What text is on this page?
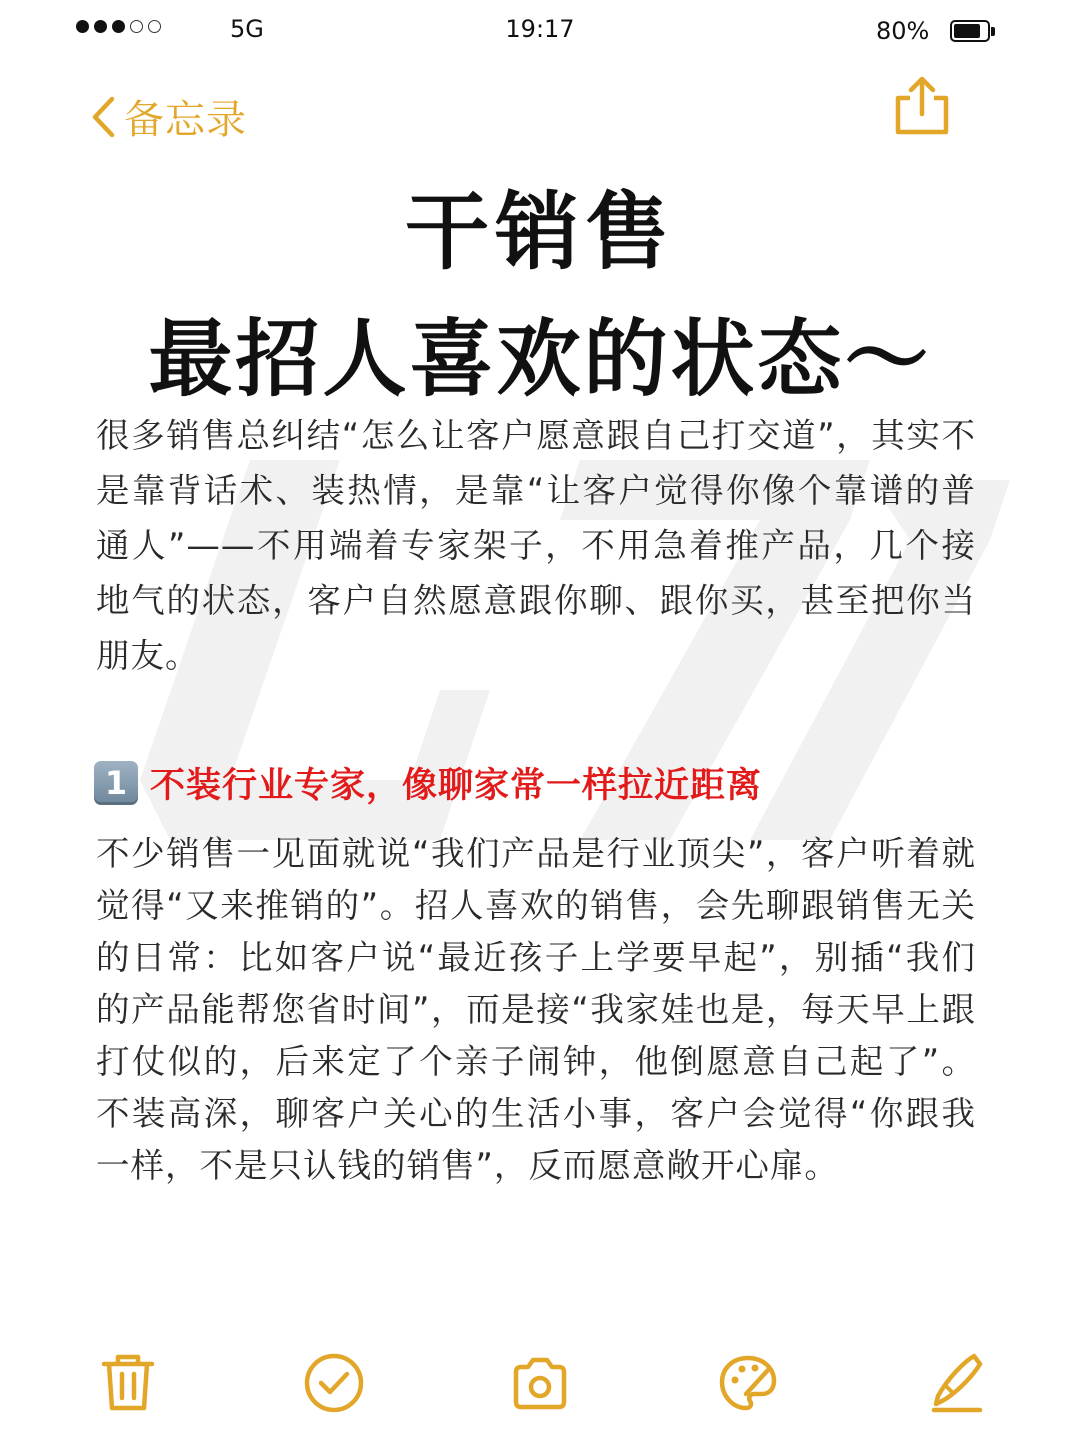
5G	19:17	80%
备忘录
干销售
最招人喜欢的状态～

很多销售总纠结“怎么让客户愿意跟自己打交道”，其实不是靠背话术、装热情，是靠“让客户觉得你像个靠谱的普通人”——不用端着专家架子，不用急着推产品，几个接地气的状态，客户自然愿意跟你聊、跟你买，甚至把你当朋友。

1 不装行业专家，像聊家常一样拉近距离

不少销售一见面就说“我们产品是行业顶尖”，客户听着就觉得“又来推销的”。招人喜欢的销售，会先聊跟销售无关的日常：比如客户说“最近孩子上学要早起”，别插“我们的产品能帮您省时间”，而是接“我家娃也是，每天早上跟打仗似的，后来定了个亲子闹钟，他倒愿意自己起了”。不装高深，聊客户关心的生活小事，客户会觉得“你跟我一样，不是只认钱的销售”，反而愿意敞开心扉。
